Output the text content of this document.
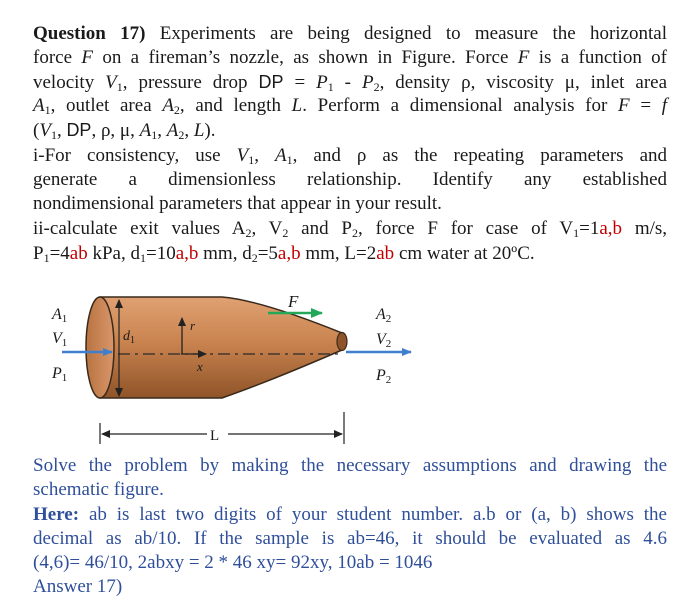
Question 17) Experiments are being designed to measure the horizontal
force F on a fireman’s nozzle, as shown in Figure. Force F is a function of
velocity $V_1$, pressure drop DP = $P_1 - P_2$, density ρ, viscosity μ, inlet area
$A_1$, outlet area $A_2$, and length L. Perform a dimensional analysis for F = f
($V_1$, DP, ρ, μ, $A_1$, $A_2$, L).
i-For consistency, use $V_1$, $A_1$, and ρ as the repeating parameters and
generate a dimensionless relationship. Identify any established
nondimensional parameters that appear in your result.
ii-calculate exit values $A_2$, $V_2$ and $P_2$, force F for case of $V_1=1a,b$ m/s,
$P_1=4ab$ kPa, $d_1=10a,b$ mm, $d_2=5a,b$ mm, L=2ab cm water at 20ºC.
F
A1
V1
P1
A2
V2
P2
$d_1$
r
x
L
Solve the problem by making the necessary assumptions and drawing the
schematic figure.
Here: ab is last two digits of your student number. a.b or (a, b) shows the
decimal as ab/10. If the sample is ab=46, it should be evaluated as 4.6
(4,6)= 46/10, 2abxy = 2 * 46 xy= 92xy, 10ab = 1046
Answer 17)
